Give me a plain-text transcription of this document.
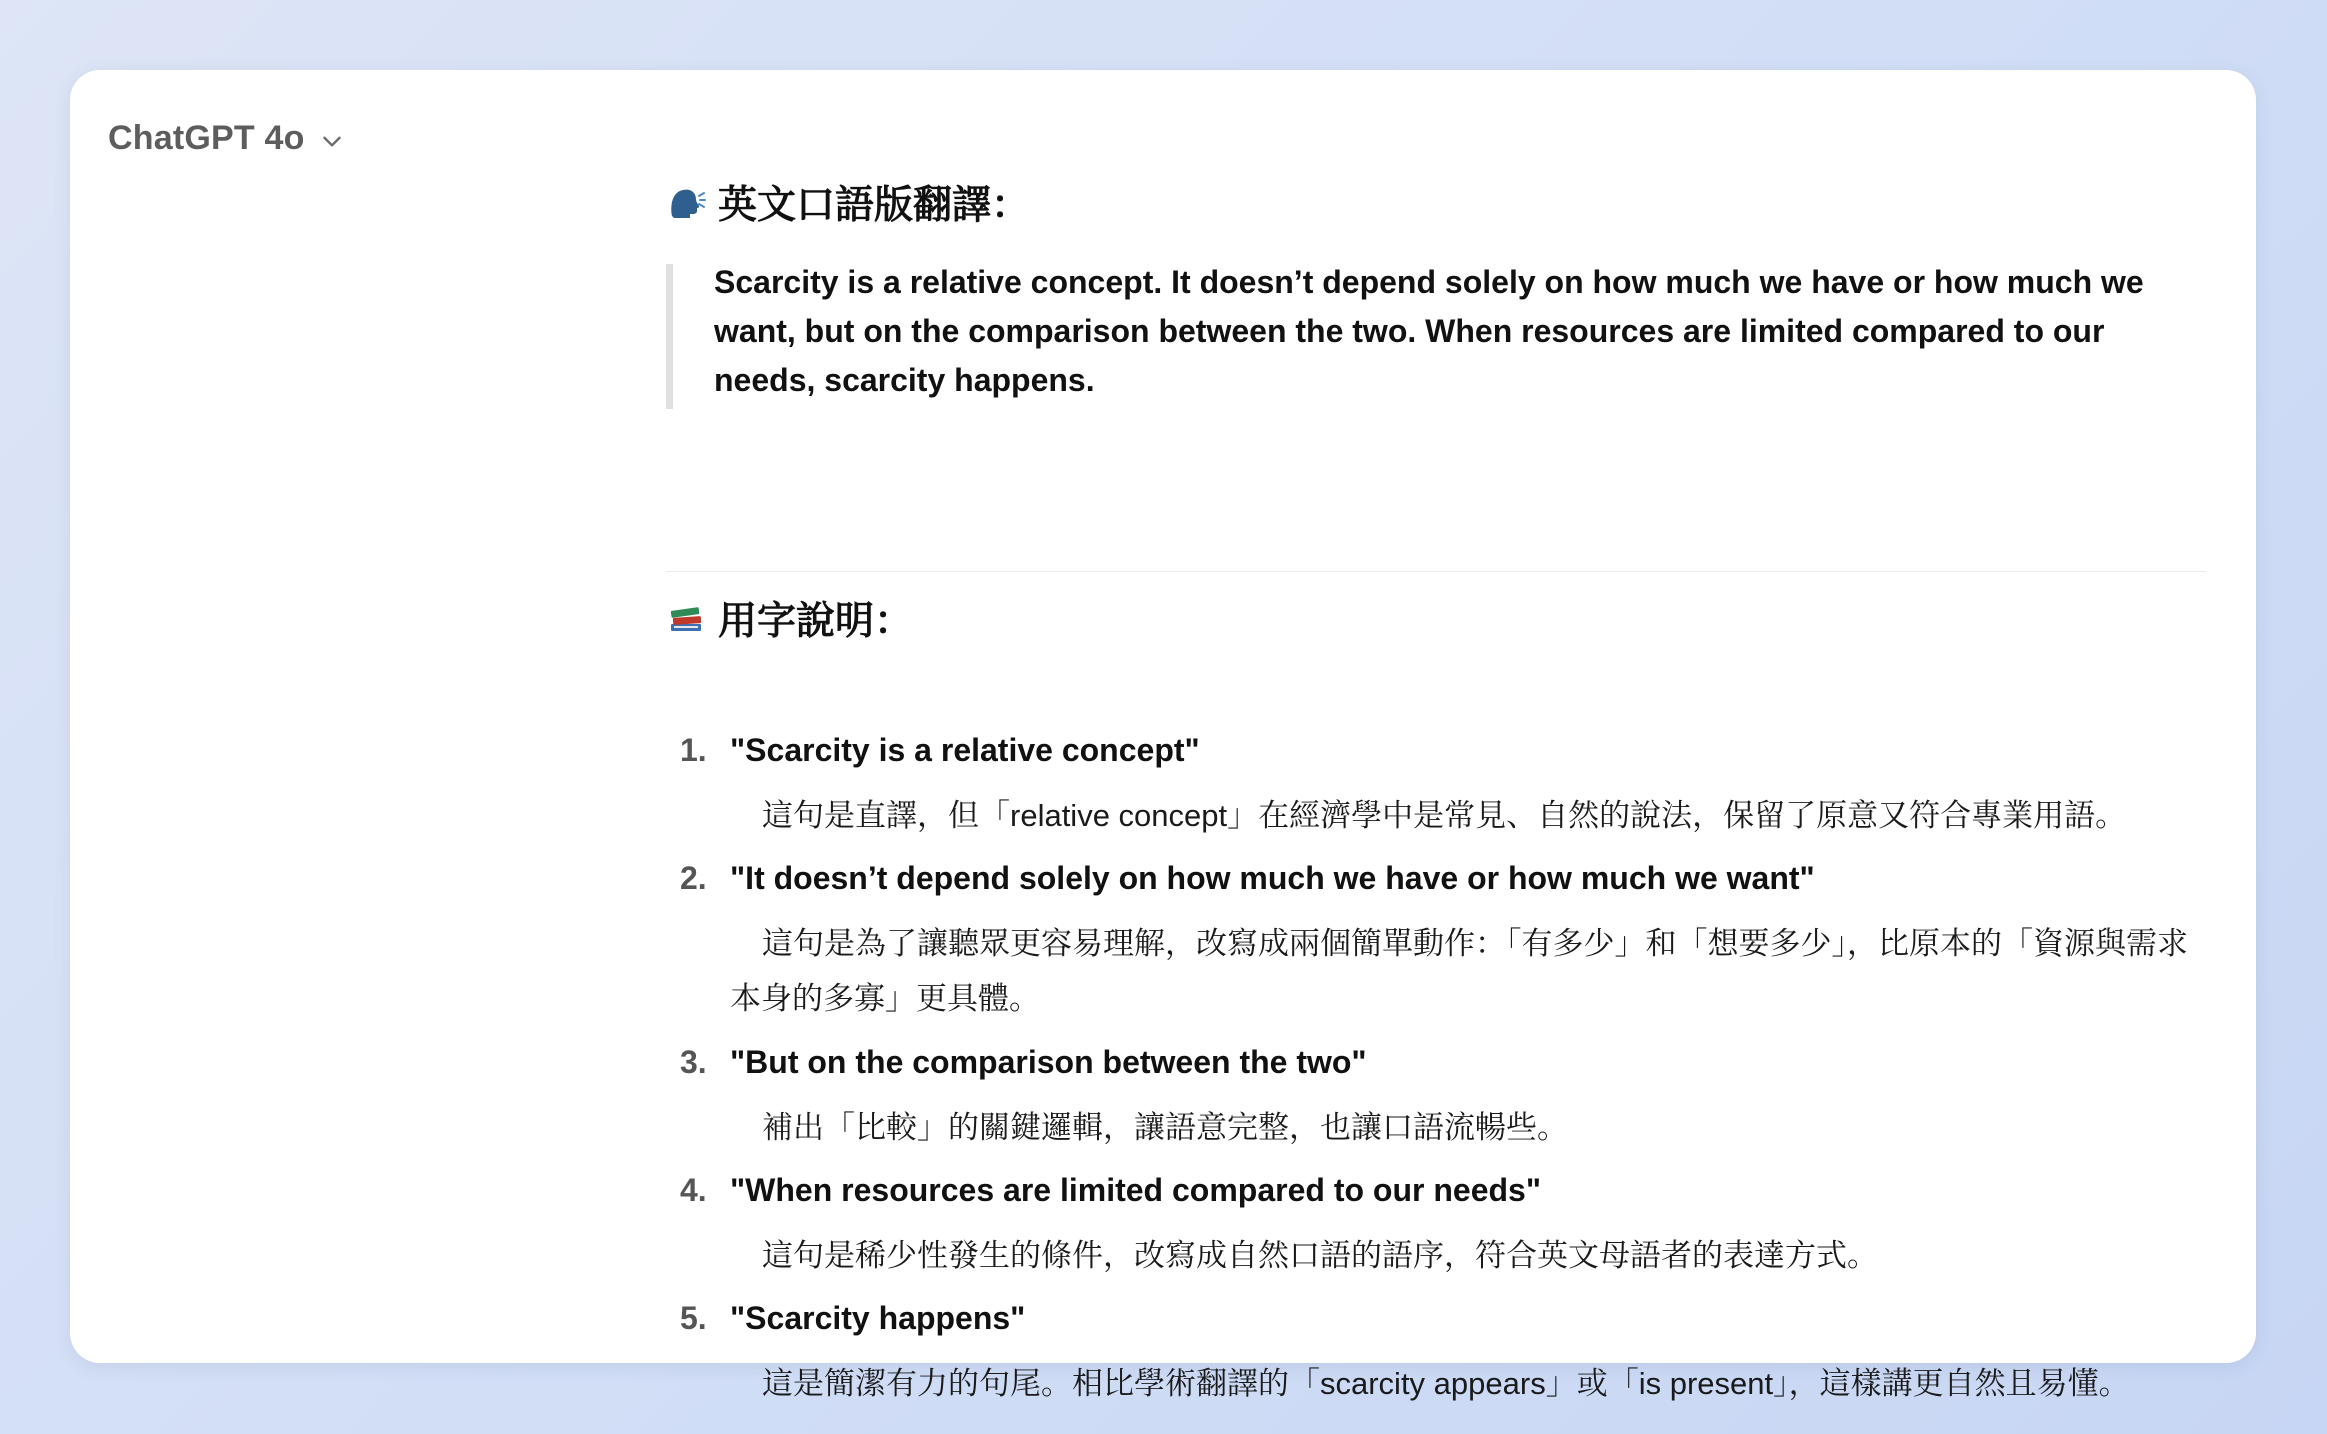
ChatGPT 4o
英文口語版翻譯：
Scarcity is a relative concept. It doesn’t depend solely on how much we have or how much we want, but on the comparison between the two. When resources are limited compared to our needs, scarcity happens.
用字說明：
1. "Scarcity is a relative concept"
這句是直譯，但「relative concept」在經濟學中是常見、自然的說法，保留了原意又符合專業用語。
2. "It doesn’t depend solely on how much we have or how much we want"
這句是為了讓聽眾更容易理解，改寫成兩個簡單動作：「有多少」和「想要多少」，比原本的「資源與需求本身的多寡」更具體。
3. "But on the comparison between the two"
補出「比較」的關鍵邏輯，讓語意完整，也讓口語流暢些。
4. "When resources are limited compared to our needs"
這句是稀少性發生的條件，改寫成自然口語的語序，符合英文母語者的表達方式。
5. "Scarcity happens"
這是簡潔有力的句尾。相比學術翻譯的「scarcity appears」或「is present」，這樣講更自然且易懂。
